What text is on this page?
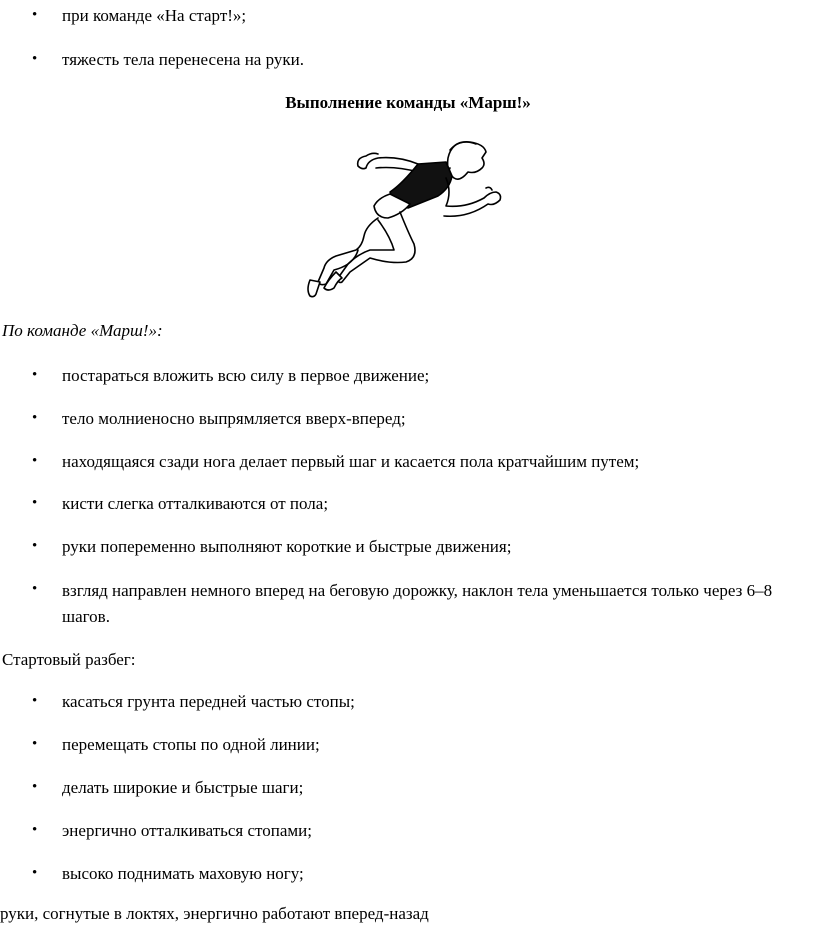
• при команде «На старт!»;
• тяжесть тела перенесена на руки.
Выполнение команды «Марш!»
По команде «Марш!»:
• постараться вложить всю силу в первое движение;
• тело молниеносно выпрямляется вверх-вперед;
• находящаяся сзади нога делает первый шаг и касается пола кратчайшим путем;
• кисти слегка отталкиваются от пола;
• руки попеременно выполняют короткие и быстрые движения;
• взгляд направлен немного вперед на беговую дорожку, наклон тела уменьшается только через 6–8 шагов.
Стартовый разбег:
• касаться грунта передней частью стопы;
• перемещать стопы по одной линии;
• делать широкие и быстрые шаги;
• энергично отталкиваться стопами;
• высоко поднимать маховую ногу;
руки, согнутые в локтях, энергично работают вперед-назад
